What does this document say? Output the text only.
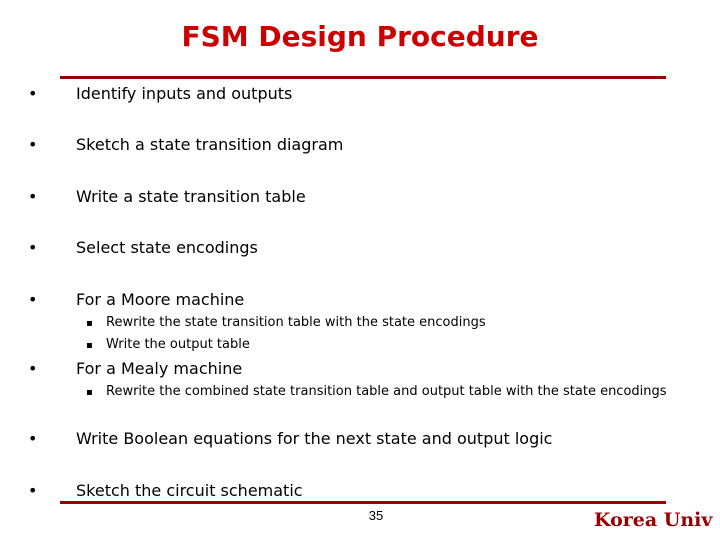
FSM Design Procedure
• Identify inputs and outputs
• Sketch a state transition diagram
• Write a state transition table
• Select state encodings
• For a Moore machine
▪ Rewrite the state transition table with the state encodings
▪ Write the output table
• For a Mealy machine
▪ Rewrite the combined state transition table and output table with the state encodings
• Write Boolean equations for the next state and output logic
• Sketch the circuit schematic
35	Korea Univ
